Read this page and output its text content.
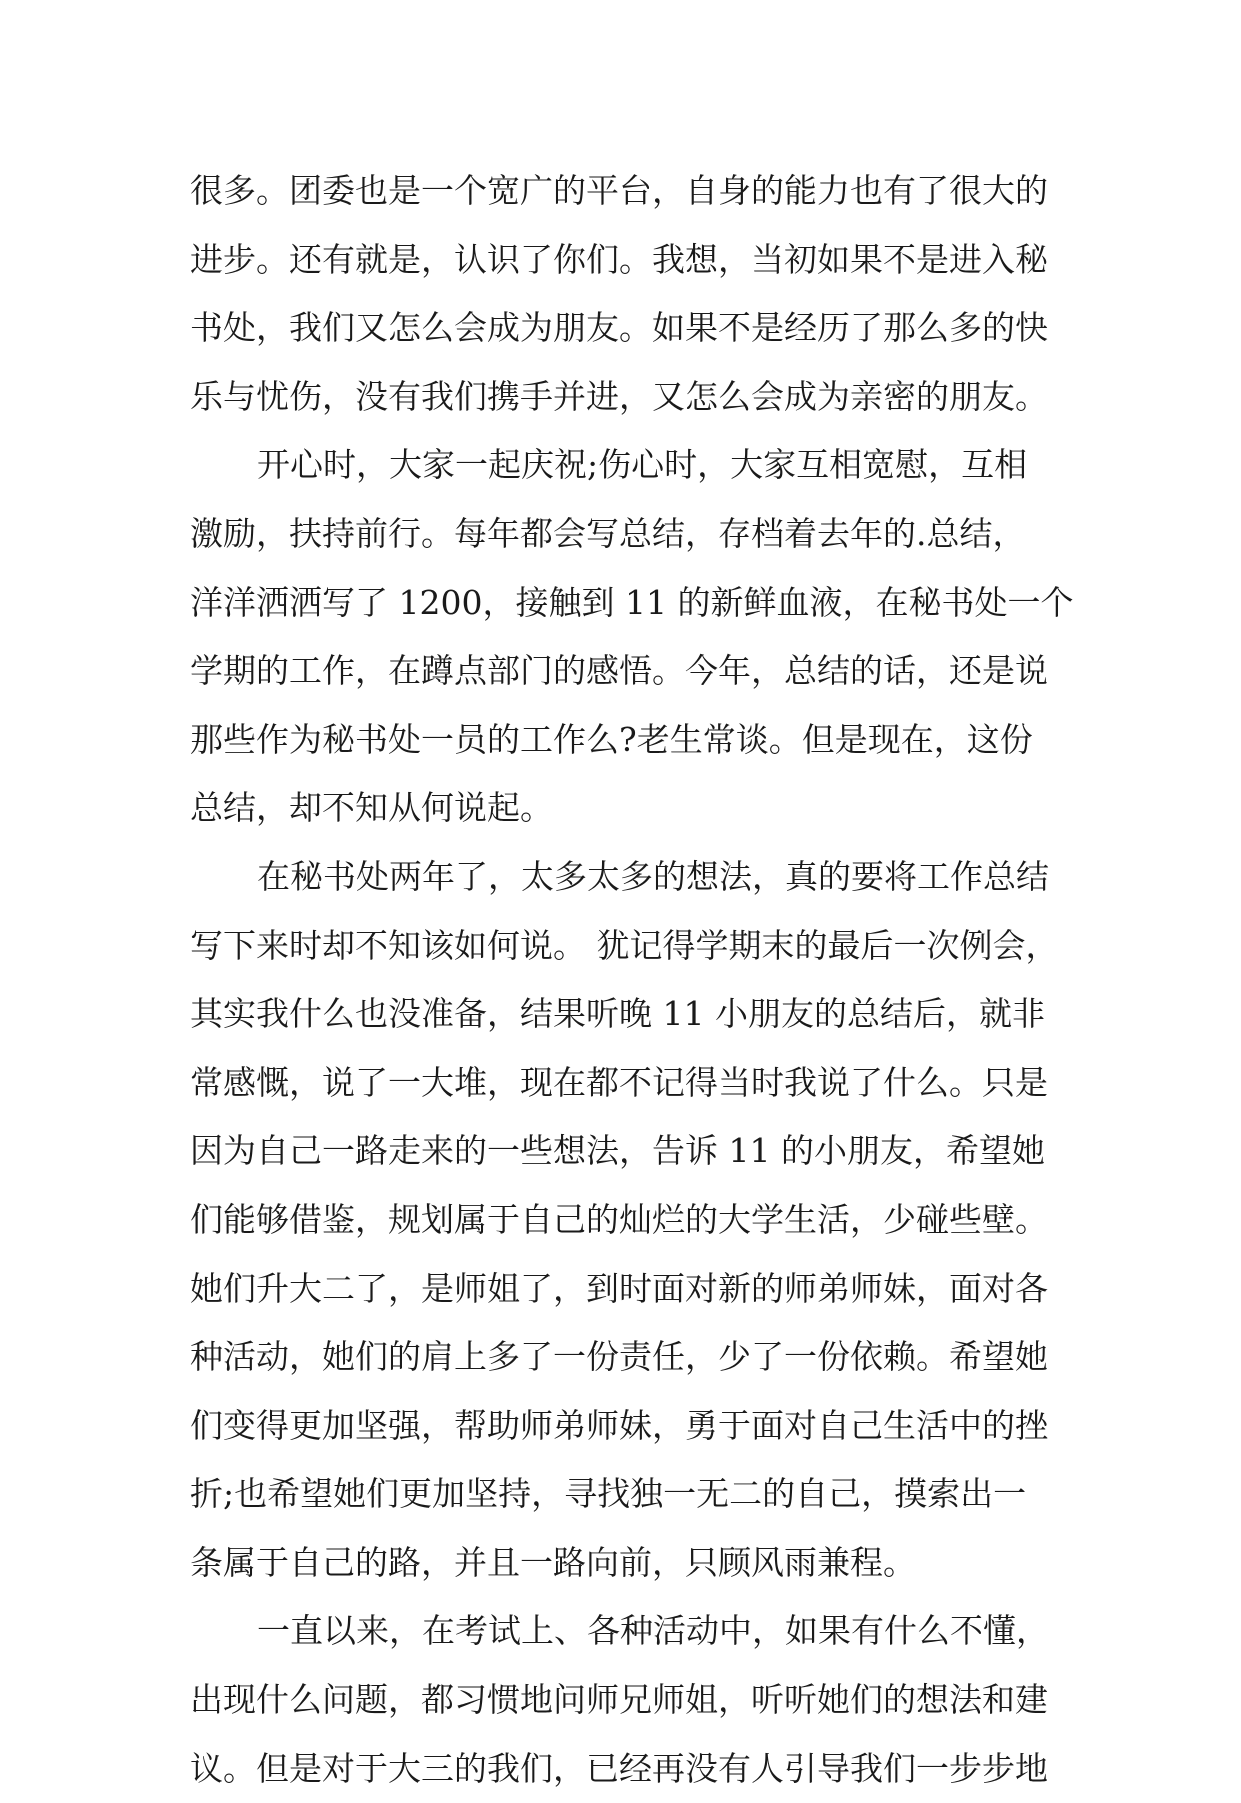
很多。团委也是一个宽广的平台，自身的能力也有了很大的
进步。还有就是，认识了你们。我想，当初如果不是进入秘
书处，我们又怎么会成为朋友。如果不是经历了那么多的快
乐与忧伤，没有我们携手并进，又怎么会成为亲密的朋友。
开心时，大家一起庆祝;伤心时，大家互相宽慰，互相
激励，扶持前行。每年都会写总结，存档着去年的.总结，
洋洋洒洒写了 1200，接触到 11 的新鲜血液，在秘书处一个
学期的工作，在蹲点部门的感悟。今年，总结的话，还是说
那些作为秘书处一员的工作么?老生常谈。但是现在，这份
总结，却不知从何说起。
在秘书处两年了，太多太多的想法，真的要将工作总结
写下来时却不知该如何说。 犹记得学期末的最后一次例会，
其实我什么也没准备，结果听晚 11 小朋友的总结后，就非
常感慨，说了一大堆，现在都不记得当时我说了什么。只是
因为自己一路走来的一些想法，告诉 11 的小朋友，希望她
们能够借鉴，规划属于自己的灿烂的大学生活，少碰些壁。
她们升大二了，是师姐了，到时面对新的师弟师妹，面对各
种活动，她们的肩上多了一份责任，少了一份依赖。希望她
们变得更加坚强，帮助师弟师妹，勇于面对自己生活中的挫
折;也希望她们更加坚持，寻找独一无二的自己，摸索出一
条属于自己的路，并且一路向前，只顾风雨兼程。
一直以来，在考试上、各种活动中，如果有什么不懂，
出现什么问题，都习惯地问师兄师姐，听听她们的想法和建
议。但是对于大三的我们，已经再没有人引导我们一步步地
